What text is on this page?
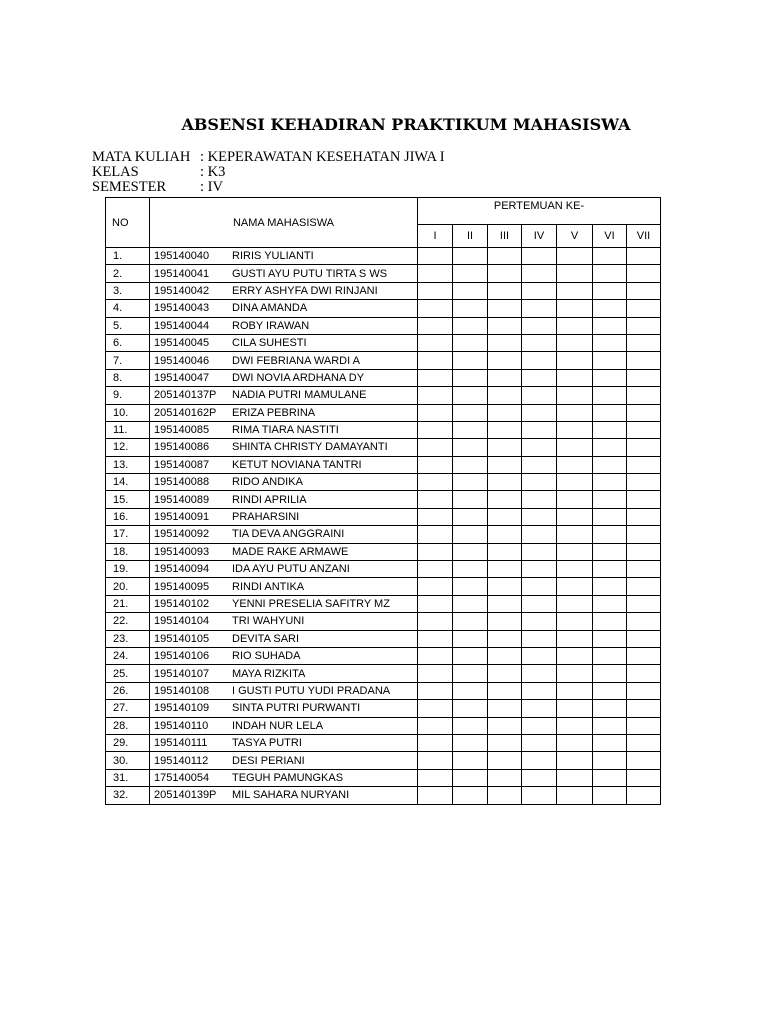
ABSENSI KEHADIRAN PRAKTIKUM MAHASISWA
MATA KULIAH : KEPERAWATAN KESEHATAN JIWA I
KELAS	: K3
SEMESTER	: IV
NO	NAMA MAHASISWA	PERTEMUAN KE-						
		I	II	III	IV	V	VI	VII
1.	195140040 RIRIS YULIANTI							
2.	195140041 GUSTI AYU PUTU TIRTA S WS							
3.	195140042 ERRY ASHYFA DWI RINJANI							
4.	195140043 DINA AMANDA							
5.	195140044 ROBY IRAWAN							
6.	195140045 CILA SUHESTI							
7.	195140046 DWI FEBRIANA WARDI A							
8.	195140047 DWI NOVIA ARDHANA DY							
9.	205140137P NADIA PUTRI MAMULANE							
10.	205140162P ERIZA PEBRINA							
11.	195140085 RIMA TIARA NASTITI							
12.	195140086 SHINTA CHRISTY DAMAYANTI							
13.	195140087 KETUT NOVIANA TANTRI							
14.	195140088 RIDO ANDIKA							
15.	195140089 RINDI APRILIA							
16.	195140091 PRAHARSINI							
17.	195140092 TIA DEVA ANGGRAINI							
18.	195140093 MADE RAKE ARMAWE							
19.	195140094 IDA AYU PUTU ANZANI							
20.	195140095 RINDI ANTIKA							
21.	195140102 YENNI PRESELIA SAFITRY MZ							
22.	195140104 TRI WAHYUNI							
23.	195140105 DEVITA SARI							
24.	195140106 RIO SUHADA							
25.	195140107 MAYA RIZKITA							
26.	195140108 I GUSTI PUTU YUDI PRADANA							
27.	195140109 SINTA PUTRI PURWANTI							
28.	195140110 INDAH NUR LELA							
29.	195140111 TASYA PUTRI							
30.	195140112 DESI PERIANI							
31.	175140054 TEGUH PAMUNGKAS							
32.	205140139P MIL SAHARA NURYANI							
